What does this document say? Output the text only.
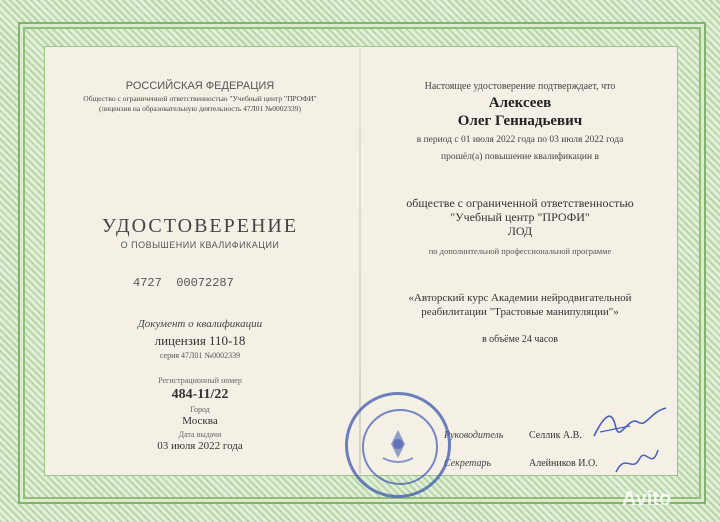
РОССИЙСКАЯ ФЕДЕРАЦИЯ
Общество с ограниченной ответственностью "Учебный центр "ПРОФИ"
(лицензия на образовательную деятельность 47Л01 №0002339)
УДОСТОВЕРЕНИЕ
О ПОВЫШЕНИИ КВАЛИФИКАЦИИ
4727  00072287
Документ о квалификации
лицензия 110-18
серия 47Л01 №0002339
Регистрационный номер
484-11/22
Город
Москва
Дата выдачи
03 июля 2022 года
Настоящее удостоверение подтверждает, что
Алексеев
Олег Геннадьевич
в период с 01 июля 2022 года по 03 июля 2022 года
прошёл(а) повышение квалификации в
обществе с ограниченной ответственностью
"Учебный центр "ПРОФИ"
ЛОД
по дополнительной профессиональной программе
«Авторский курс Академии нейродвигательной
реабилитации "Трастовые манипуляции"»
в объёме 24 часов
Руководитель	Селлик А.В.
Секретарь	Алейников И.О.
Avito
